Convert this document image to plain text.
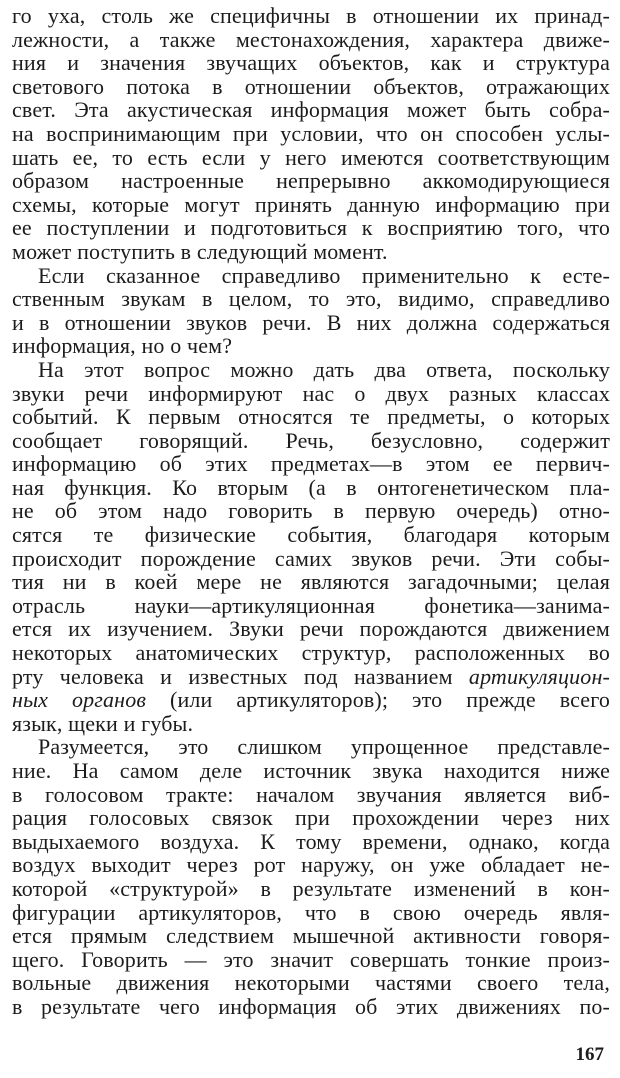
го уха, столь же специфичны в отношении их принад-
лежности, а также местонахождения, характера движе-
ния и значения звучащих объектов, как и структура
светового потока в отношении объектов, отражающих
свет. Эта акустическая информация может быть собра-
на воспринимающим при условии, что он способен услы-
шать ее, то есть если у него имеются соответствующим
образом настроенные непрерывно аккомодирующиеся
схемы, которые могут принять данную информацию при
ее поступлении и подготовиться к восприятию того, что
может поступить в следующий момент.
Если сказанное справедливо применительно к есте-
ственным звукам в целом, то это, видимо, справедливо
и в отношении звуков речи. В них должна содержаться
информация, но о чем?
На этот вопрос можно дать два ответа, поскольку
звуки речи информируют нас о двух разных классах
событий. К первым относятся те предметы, о которых
сообщает говорящий. Речь, безусловно, содержит
информацию об этих предметах—в этом ее первич-
ная функция. Ко вторым (а в онтогенетическом пла-
не об этом надо говорить в первую очередь) отно-
сятся те физические события, благодаря которым
происходит порождение самих звуков речи. Эти собы-
тия ни в коей мере не являются загадочными; целая
отрасль науки—артикуляционная фонетика—занима-
ется их изучением. Звуки речи порождаются движением
некоторых анатомических структур, расположенных во
рту человека и известных под названием артикуляцион-
ных органов (или артикуляторов); это прежде всего
язык, щеки и губы.
Разумеется, это слишком упрощенное представле-
ние. На самом деле источник звука находится ниже
в голосовом тракте: началом звучания является виб-
рация голосовых связок при прохождении через них
выдыхаемого воздуха. К тому времени, однако, когда
воздух выходит через рот наружу, он уже обладает не-
которой «структурой» в результате изменений в кон-
фигурации артикуляторов, что в свою очередь явля-
ется прямым следствием мышечной активности говоря-
щего. Говорить — это значит совершать тонкие произ-
вольные движения некоторыми частями своего тела,
в результате чего информация об этих движениях по-
167
